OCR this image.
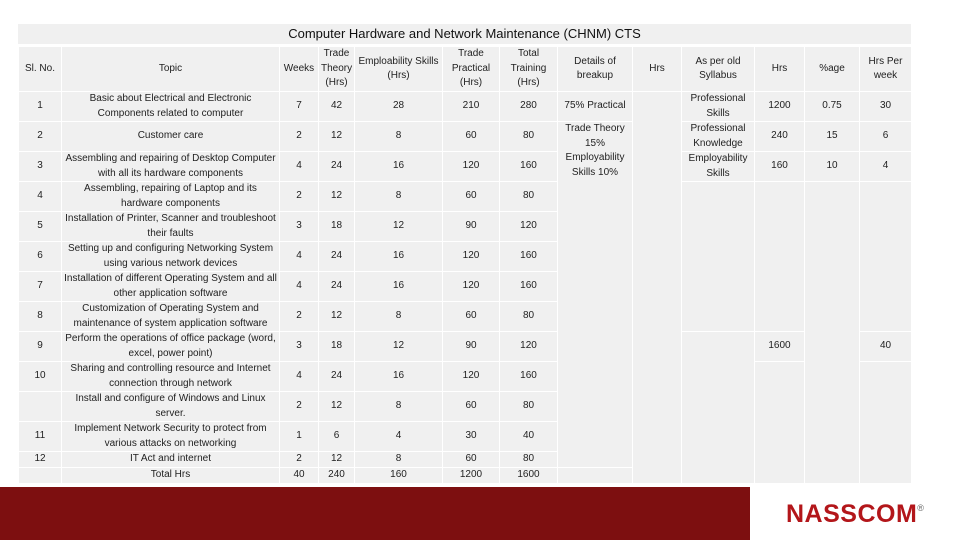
Computer Hardware and Network Maintenance (CHNM) CTS
Sl. No.	Topic	Weeks	Trade Theory (Hrs)	Emploability Skills (Hrs)	Trade Practical (Hrs)	Total Training (Hrs)	Details of breakup	Hrs	As per old Syllabus	Hrs	%age	Hrs Per week
1	Basic about Electrical and Electronic Components related to computer	7	42	28	210	280	75% Practical		Professional Skills	1200	0.75	30
2	Customer care	2	12	8	60	80	Trade Theory 15% Employability Skills 10%		Professional Knowledge	240	15	6
3	Assembling and repairing of Desktop Computer with all its hardware components	4	24	16	120	160			Employability Skills	160	10	4
4	Assembling, repairing of Laptop and its hardware components	2	12	8	60	80						
5	Installation of Printer, Scanner and troubleshoot their faults	3	18	12	90	120						
6	Setting up and configuring Networking System using various network devices	4	24	16	120	160						
7	Installation of different Operating System and all other application software	4	24	16	120	160						
8	Customization of Operating System and maintenance of system application software	2	12	8	60	80						
9	Perform the operations of office package (word, excel, power point)	3	18	12	90	120				1600		40
10	Sharing and controlling resource and Internet connection through network	4	24	16	120	160						
	Install and configure of Windows and Linux server.	2	12	8	60	80						
11	Implement Network Security to protect from various attacks on networking	1	6	4	30	40						
12	IT Act and internet	2	12	8	60	80						
	Total Hrs	40	240	160	1200	1600						
NASSCOM®
